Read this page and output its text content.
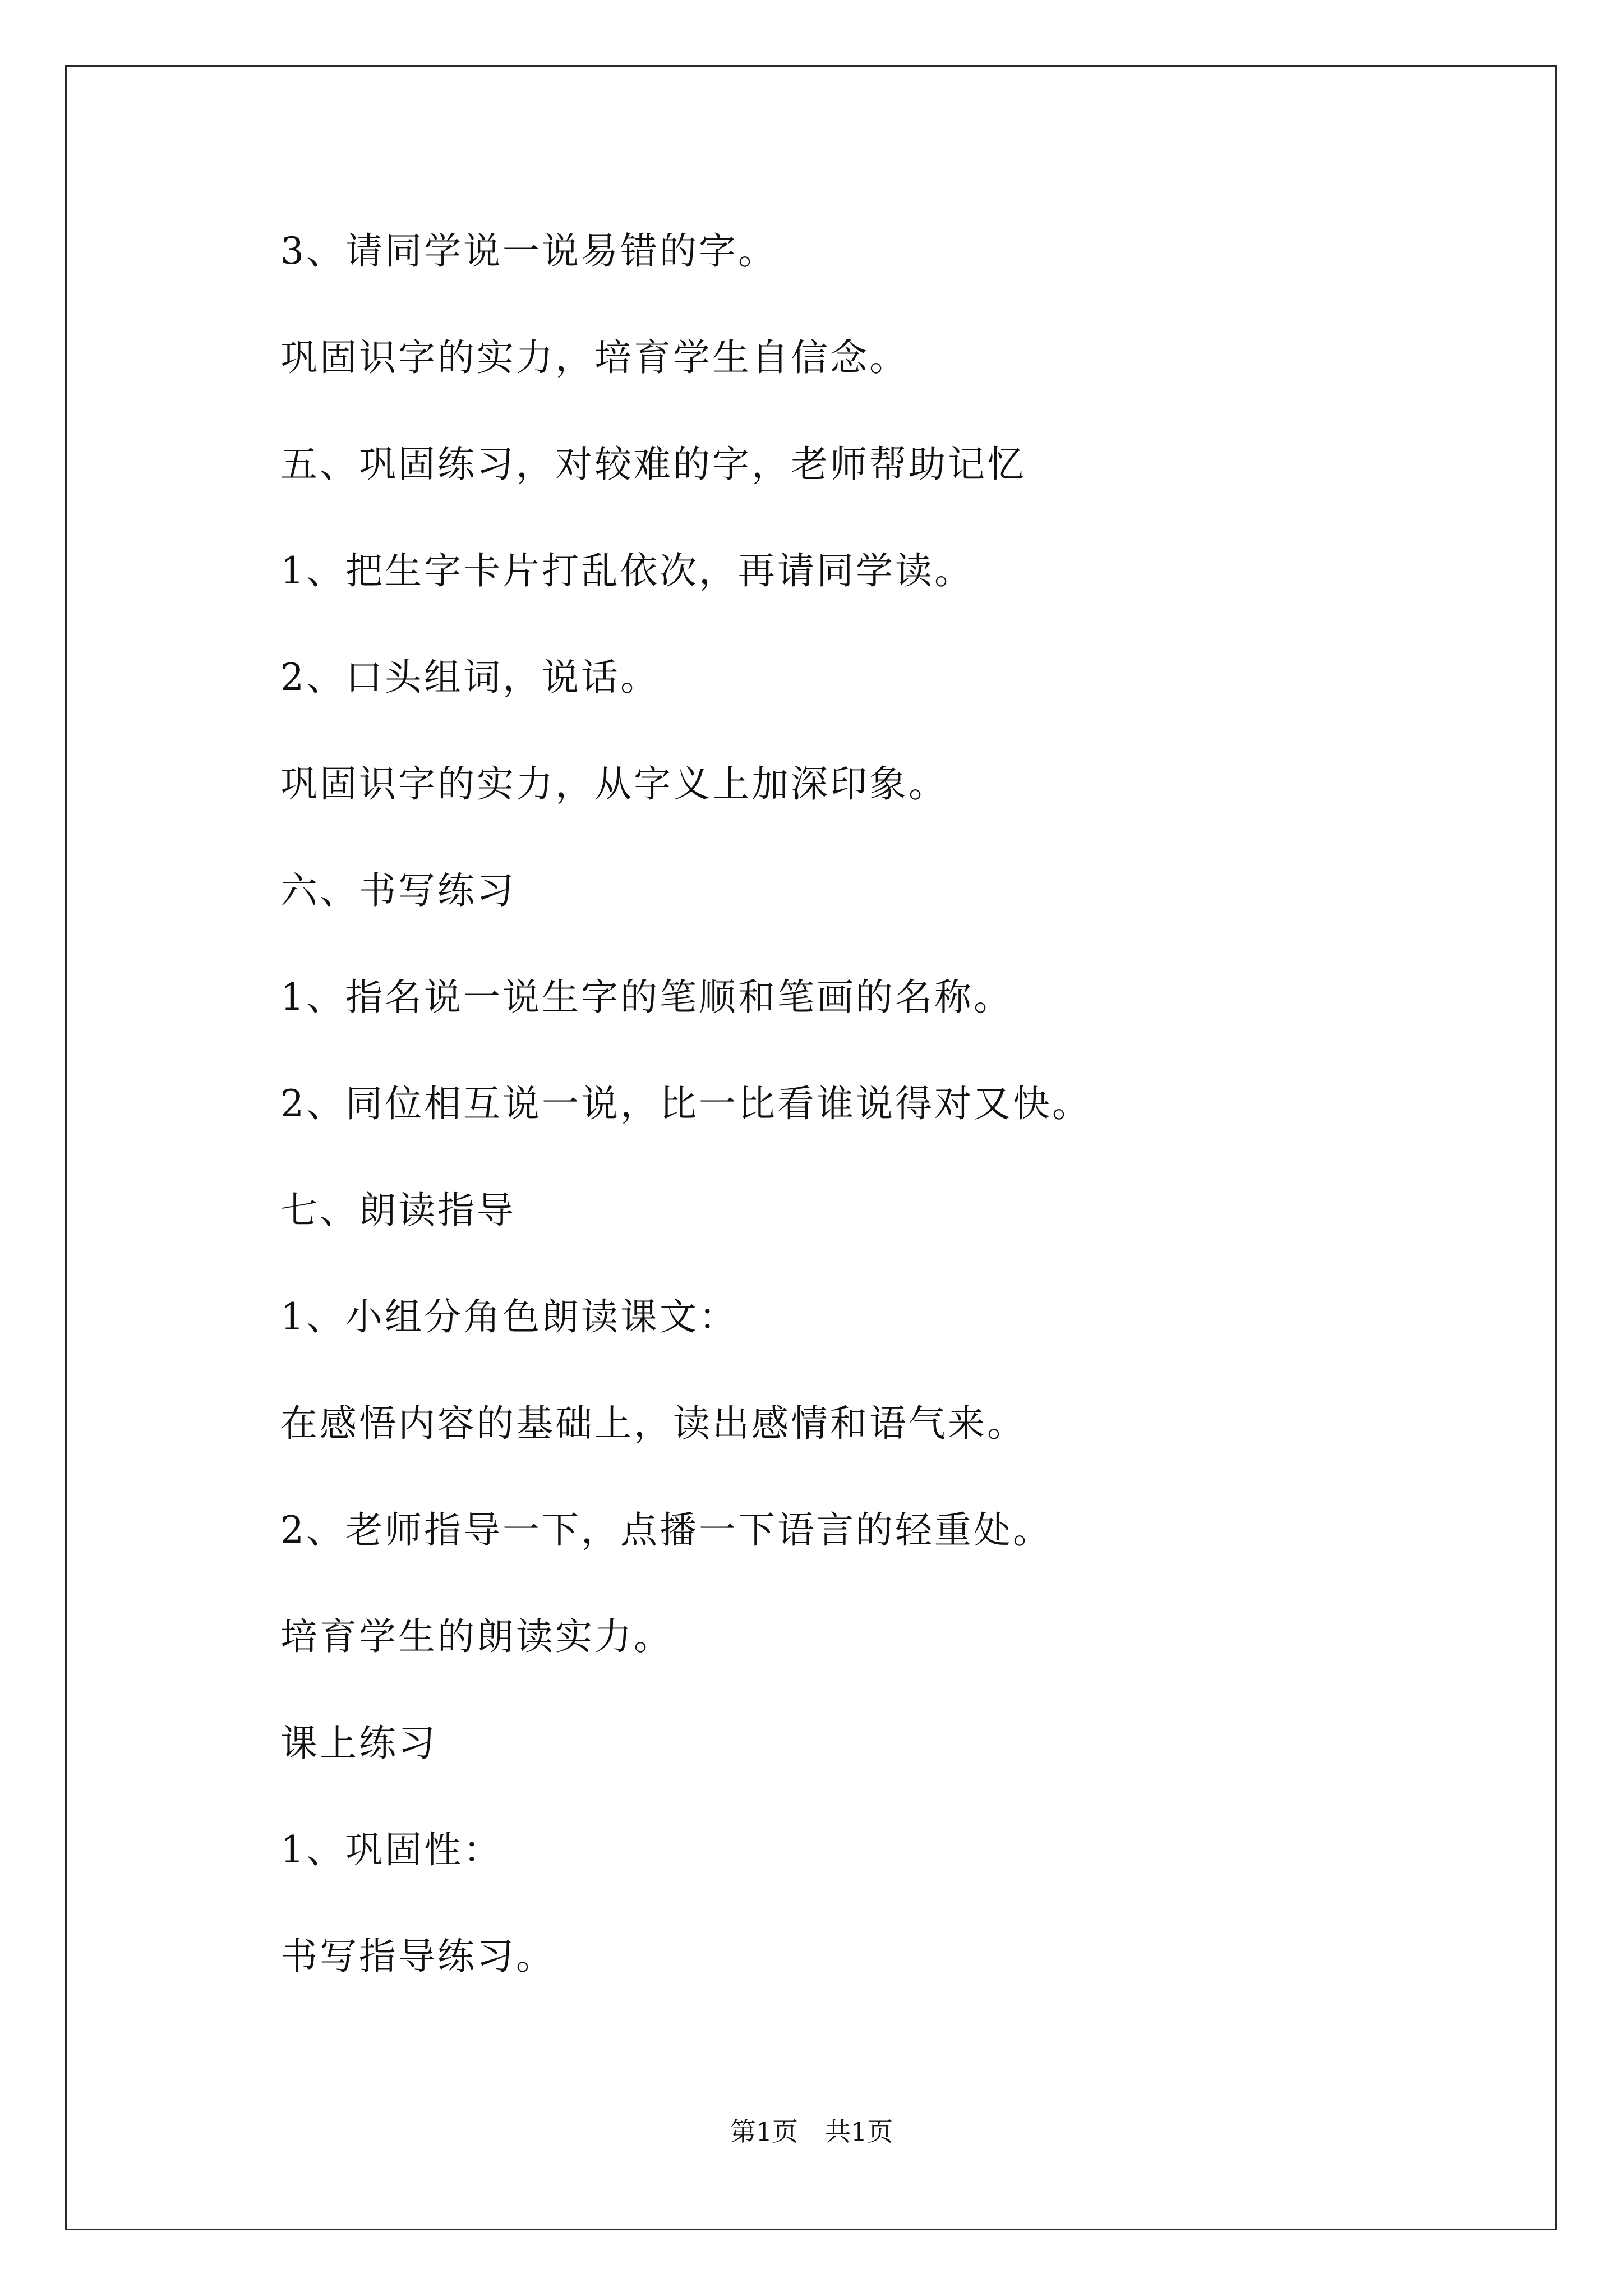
3、请同学说一说易错的字。
巩固识字的实力，培育学生自信念。
五、巩固练习，对较难的字，老师帮助记忆
1、把生字卡片打乱依次，再请同学读。
2、口头组词，说话。
巩固识字的实力，从字义上加深印象。
六、书写练习
1、指名说一说生字的笔顺和笔画的名称。
2、同位相互说一说，比一比看谁说得对又快。
七、朗读指导
1、小组分角色朗读课文：
在感悟内容的基础上，读出感情和语气来。
2、老师指导一下，点播一下语言的轻重处。
培育学生的朗读实力。
课上练习
1、巩固性：
书写指导练习。
第1页 共1页
